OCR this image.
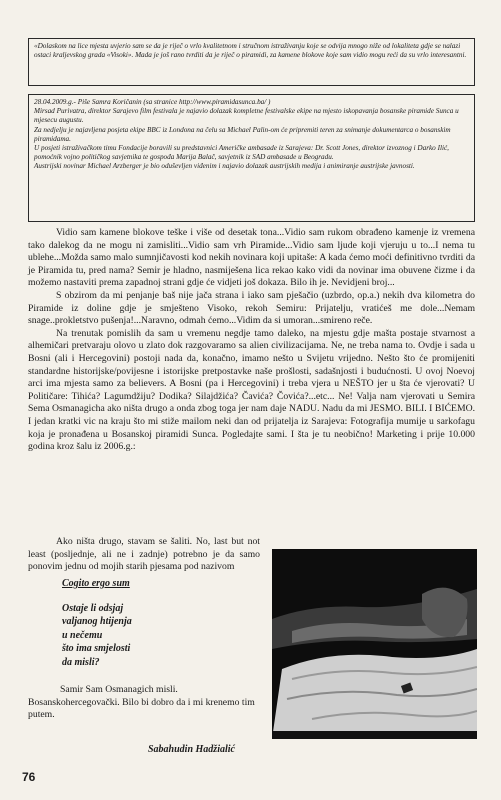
«Dolaskom na lice mjesta uvjerio sam se da je riječ o vrlo kvalitetnom i stručnom istraživanju koje se odvija mnogo niže od lokaliteta gdje se nalazi ostaci kraljevskog grada «Visoki». Mada je još rano tvrditi da je riječ o piramidi, za kamene blokove koje sam vidio mogu reći da su vrlo interesantni.

28.04.2009.g.- Piše Samra Koričanin (sa stranice http://www.piramidasunca.ba/ )

Mirsad Purivatra, direktor Sarajevo film festivala je najavio dolazak kompletne festivalske ekipe na mjesto iskopavanja bosanske piramide Sunca u mjesecu augustu.

Za nedjelju je najavljena posjeta ekipe BBC iz Londona na čelu sa Michael Palin-om će pripremiti teren za snimanje dokumentarca o bosanskim piramidama.

U posjeti istraživačkom timu Fondacije boravili su predstavnici Američke ambasade iz Sarajeva: Dr. Scott Jones, direktor izvoznog i Darko Ilić, pomoćnik vojno političkog savjetnika te gospođa Marija Balač, savjetnik iz SAD ambasade u Beogradu.

Austrijski novinar Michael Arzberger je bio oduševljen viđenim i najavio dolazak austrijskih medija i animiranje austrijske javnosti.

Vidio sam kamene blokove teške i više od desetak tona...Vidio sam rukom obrađeno kamenje iz vremena tako dalekog da ne mogu ni zamisliti...Vidio sam vrh Piramide...Vidio sam ljude koji vjeruju u to...I nema tu ublehe...Možda samo malo sumnjičavosti kod nekih novinara koji upitaše: A kada ćemo moći definitivno tvrditi da je Piramida tu, pred nama? Semir je hladno, nasmiješena lica rekao kako vidi da novinar ima obuvene čizme i da možemo nastaviti prema zapadnoj strani gdje će vidjeti još dokaza. Bilo ih je. Nevidjeni broj...

S obzirom da mi penjanje baš nije jača strana i iako sam pješačio (uzbrdo, op.a.) nekih dva kilometra do Piramide iz doline gdje je smješteno Visoko, rekoh Semiru: Prijatelju, vratićeš me dole...Nemam snage..prokletstvo pušenja!...Naravno, odmah ćemo...Vidim da si umoran...smireno reče.

Na trenutak pomislih da sam u vremenu negdje tamo daleko, na mjestu gdje mašta postaje stvarnost a alhemičari pretvaraju olovo u zlato dok razgovaramo sa alien civilizacijama. Ne, ne treba nama to. Ovdje i sada u Bosni (ali i Hercegovini) postoji nada da, konačno, imamo nešto u Svijetu vrijedno. Nešto što će promijeniti standardne historijske/povijesne i istorijske pretpostavke naše prošlosti, sadašnjosti i budućnosti. U ovoj Noevoj arci ima mjesta samo za believers. A Bosni (pa i Hercegovini) i treba vjera u NEŠTO jer u šta će vjerovati? U Političare: Tihića? Lagumdžiju? Dodika? Silajdžića? Čavića? Čovića?...etc... Ne! Valja nam vjerovati u Semira Sema Osmanagicha ako ništa drugo a onda zbog toga jer nam daje NADU. Nadu da mi JESMO. BILI. I BIĆEMO. I jedan kratki vic na kraju što mi stiže mailom neki dan od prijatelja iz Sarajeva: Fotografija mumije u sarkofagu koja je pronađena u Bosanskoj piramidi Sunca. Pogledajte sami. I šta je tu neobično! Marketing i prije 10.000 godina kroz šalu iz 2006.g.:

Ako ništa drugo, stavam se šaliti. No, last but not least (posljednje, ali ne i zadnje) potrebno je da samo ponovim jednu od mojih starih pjesama pod nazivom

Cogito ergo sum
Ostaje li odsjaj
valjanog htijenja
u nečemu
što ima smjelosti
da misli?

Samir Sam Osmanagich misli. Bosanskohercegovački. Bilo bi dobro da i mi krenemo tim putem.

Sabahudin Hadžialić
76
